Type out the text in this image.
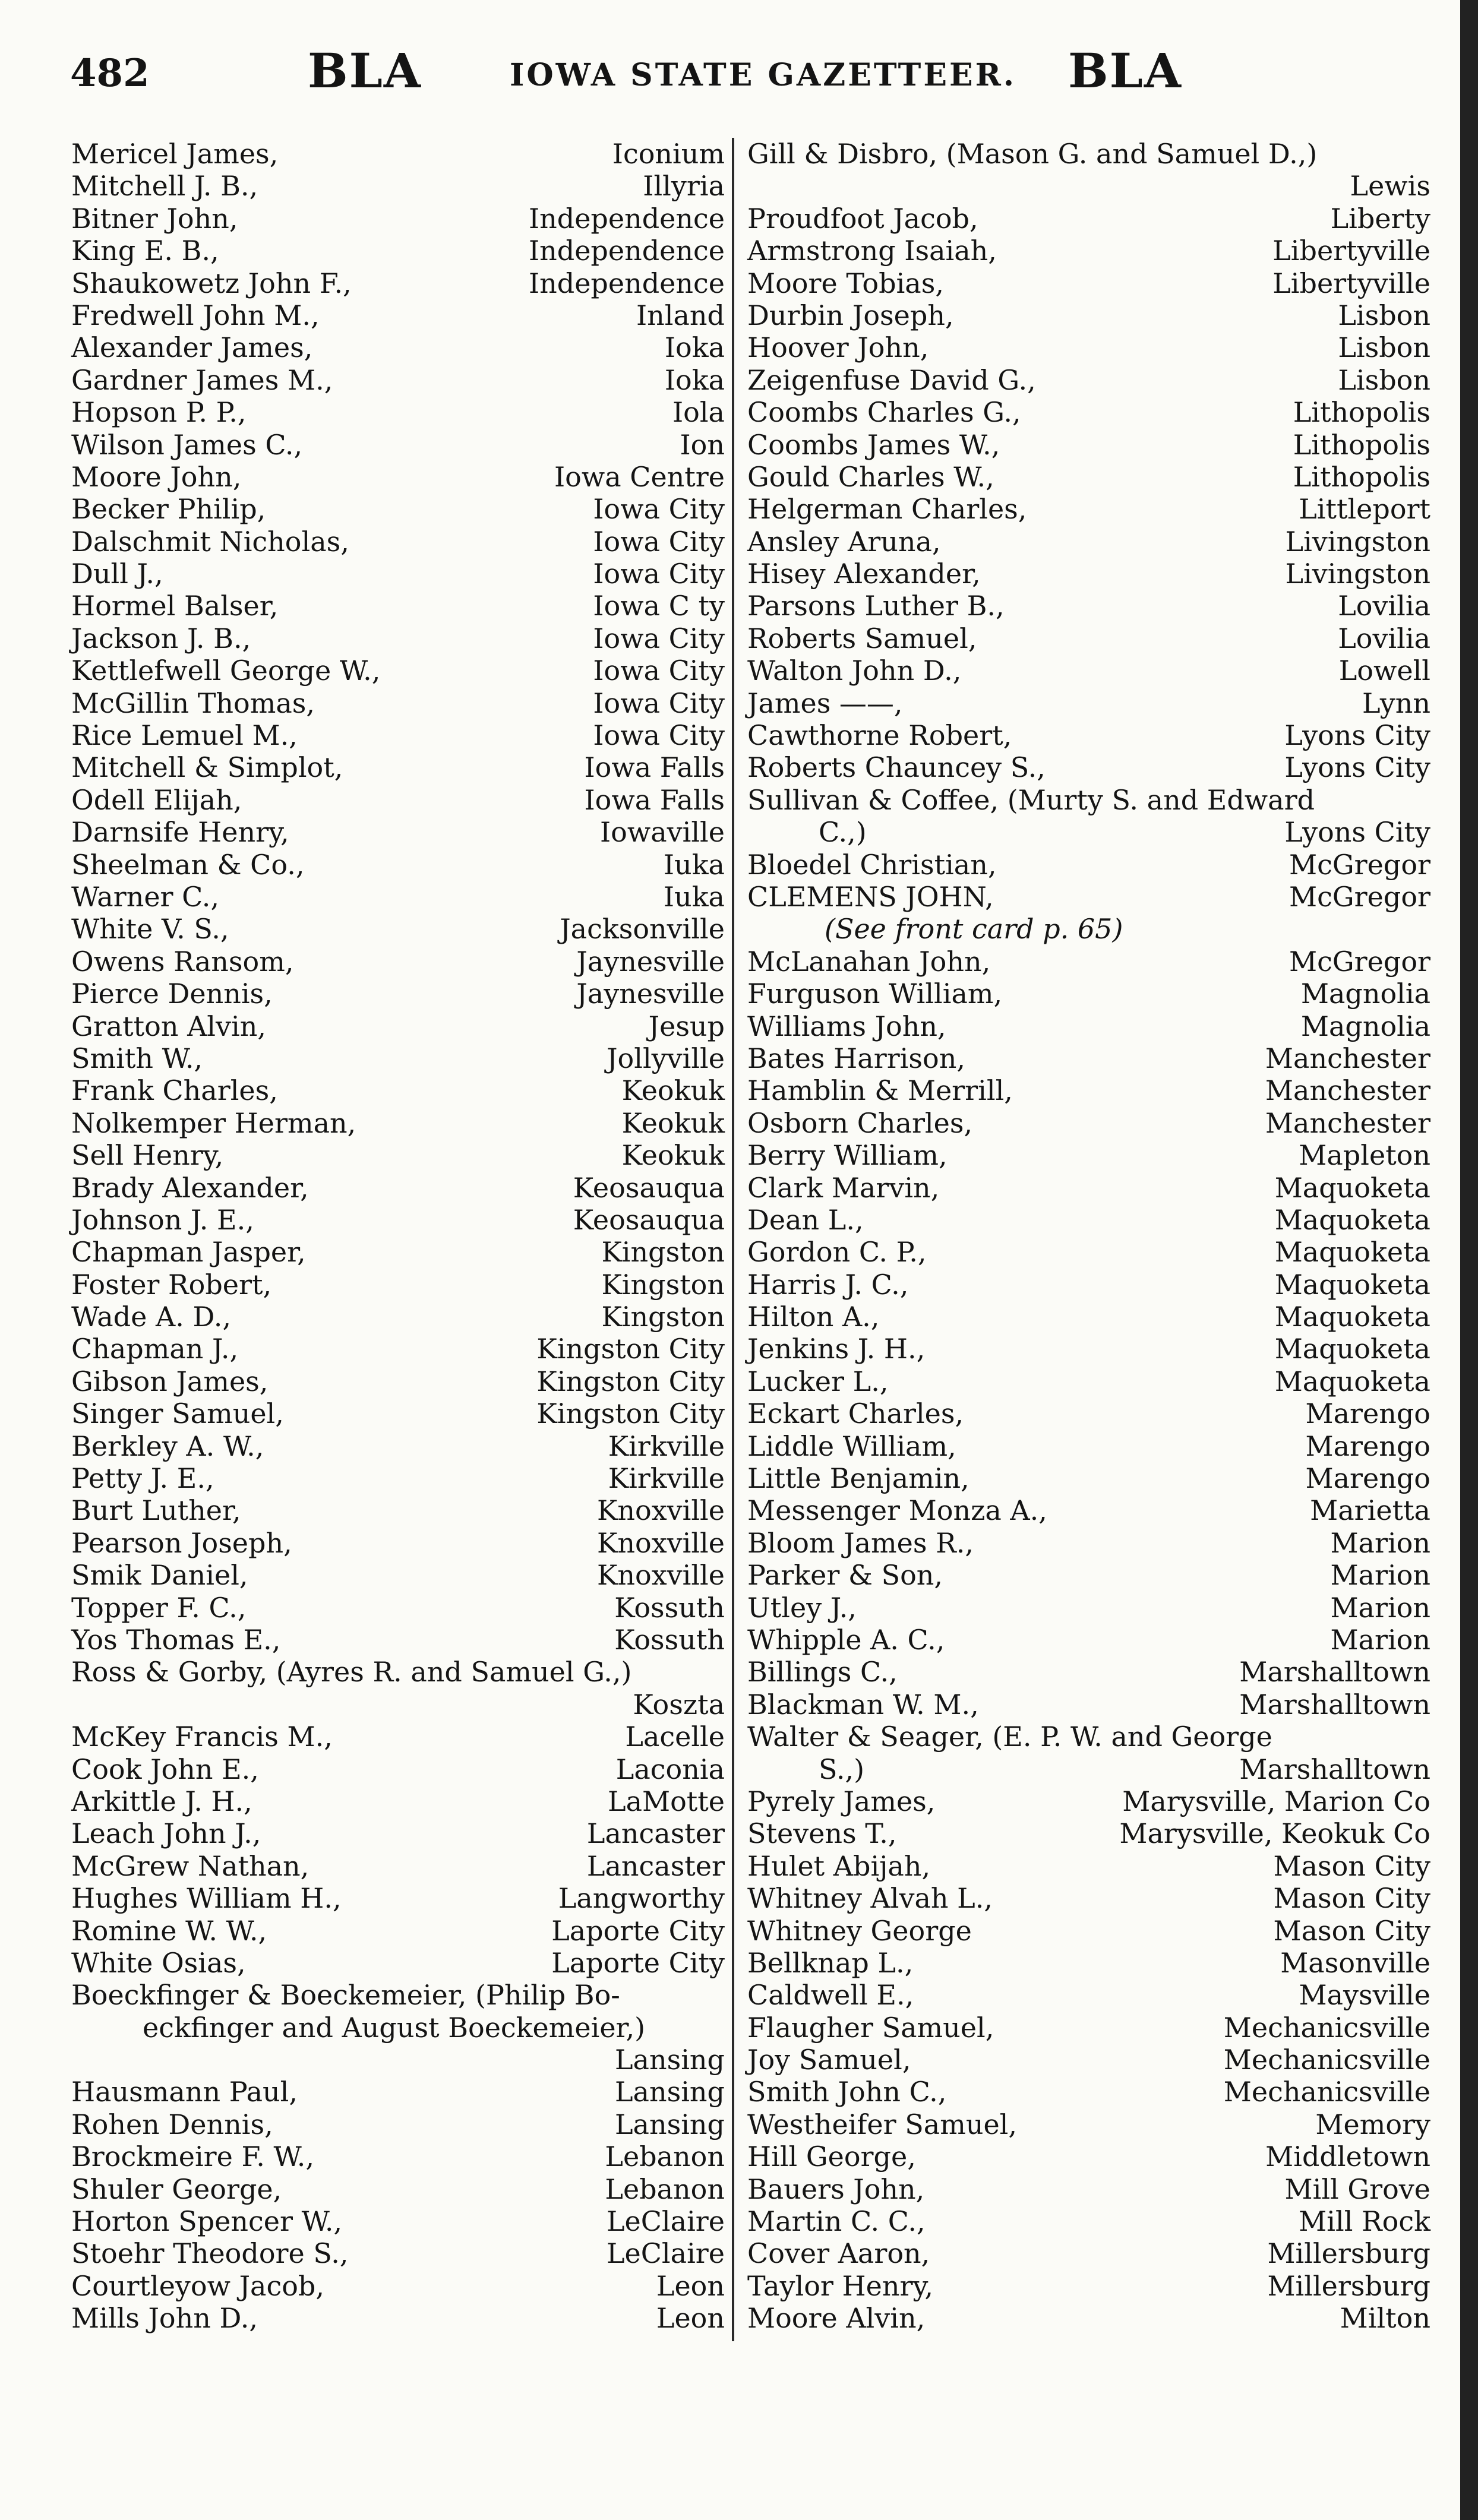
482	BLA	IOWA STATE GAZETTEER. BLA
Mericel James,	Iconium
Mitchell J. B.,	Illyria
Bitner John,	Independence
King E. B.,	Independence
Shaukowetz John F.,	Independence
Fredwell John M.,	Inland
Alexander James,	Ioka
Gardner James M.,	Ioka
Hopson P. P.,	Iola
Wilson James C.,	Ion
Moore John,	Iowa Centre
Becker Philip,	Iowa City
Dalschmit Nicholas,	Iowa City
Dull J.,	Iowa City
Hormel Balser,	Iowa C ty
Jackson J. B.,	Iowa City
Kettlefwell George W.,	Iowa City
McGillin Thomas,	Iowa City
Rice Lemuel M.,	Iowa City
Mitchell & Simplot,	Iowa Falls
Odell Elijah,	Iowa Falls
Darnsife Henry,	Iowaville
Sheelman & Co.,	Iuka
Warner C.,	Iuka
White V. S.,	Jacksonville
Owens Ransom,	Jaynesville
Pierce Dennis,	Jaynesville
Gratton Alvin,	Jesup
Smith W.,	Jollyville
Frank Charles,	Keokuk
Nolkemper Herman,	Keokuk
Sell Henry,	Keokuk
Brady Alexander,	Keosauqua
Johnson J. E.,	Keosauqua
Chapman Jasper,	Kingston
Foster Robert,	Kingston
Wade A. D.,	Kingston
Chapman J.,	Kingston City
Gibson James,	Kingston City
Singer Samuel,	Kingston City
Berkley A. W.,	Kirkville
Petty J. E.,	Kirkville
Burt Luther,	Knoxville
Pearson Joseph,	Knoxville
Smik Daniel,	Knoxville
Topper F. C.,	Kossuth
Yos Thomas E.,	Kossuth
Ross & Gorby, (Ayres R. and Samuel G.,)
Koszta
McKey Francis M.,	Lacelle
Cook John E.,	Laconia
Arkittle J. H.,	LaMotte
Leach John J.,	Lancaster
McGrew Nathan,	Lancaster
Hughes William H.,	Langworthy
Romine W. W.,	Laporte City
White Osias,	Laporte City
Boeckfinger & Boeckemeier, (Philip Bo-
eckfinger and August Boeckemeier,)
Lansing
Hausmann Paul,	Lansing
Rohen Dennis,	Lansing
Brockmeire F. W.,	Lebanon
Shuler George,	Lebanon
Horton Spencer W.,	LeClaire
Stoehr Theodore S.,	LeClaire
Courtleyow Jacob,	Leon
Mills John D.,	Leon
Gill & Disbro, (Mason G. and Samuel D.,)
Lewis
Proudfoot Jacob,	Liberty
Armstrong Isaiah,	Libertyville
Moore Tobias,	Libertyville
Durbin Joseph,	Lisbon
Hoover John,	Lisbon
Zeigenfuse David G.,	Lisbon
Coombs Charles G.,	Lithopolis
Coombs James W.,	Lithopolis
Gould Charles W.,	Lithopolis
Helgerman Charles,	Littleport
Ansley Aruna,	Livingston
Hisey Alexander,	Livingston
Parsons Luther B.,	Lovilia
Roberts Samuel,	Lovilia
Walton John D.,	Lowell
James ——,	Lynn
Cawthorne Robert,	Lyons City
Roberts Chauncey S.,	Lyons City
Sullivan & Coffee, (Murty S. and Edward
C.,)	Lyons City
Bloedel Christian,	McGregor
CLEMENS JOHN,	McGregor
(See front card p. 65)
McLanahan John,	McGregor
Furguson William,	Magnolia
Williams John,	Magnolia
Bates Harrison,	Manchester
Hamblin & Merrill,	Manchester
Osborn Charles,	Manchester
Berry William,	Mapleton
Clark Marvin,	Maquoketa
Dean L.,	Maquoketa
Gordon C. P.,	Maquoketa
Harris J. C.,	Maquoketa
Hilton A.,	Maquoketa
Jenkins J. H.,	Maquoketa
Lucker L.,	Maquoketa
Eckart Charles,	Marengo
Liddle William,	Marengo
Little Benjamin,	Marengo
Messenger Monza A.,	Marietta
Bloom James R.,	Marion
Parker & Son,	Marion
Utley J.,	Marion
Whipple A. C.,	Marion
Billings C.,	Marshalltown
Blackman W. M.,	Marshalltown
Walter & Seager, (E. P. W. and George
S.,)	Marshalltown
Pyrely James,	Marysville, Marion Co
Stevens T.,	Marysville, Keokuk Co
Hulet Abijah,	Mason City
Whitney Alvah L.,	Mason City
Whitney George	Mason City
Bellknap L.,	Masonville
Caldwell E.,	Maysville
Flaugher Samuel,	Mechanicsville
Joy Samuel,	Mechanicsville
Smith John C.,	Mechanicsville
Westheifer Samuel,	Memory
Hill George,	Middletown
Bauers John,	Mill Grove
Martin C. C.,	Mill Rock
Cover Aaron,	Millersburg
Taylor Henry,	Millersburg
Moore Alvin,	Milton
